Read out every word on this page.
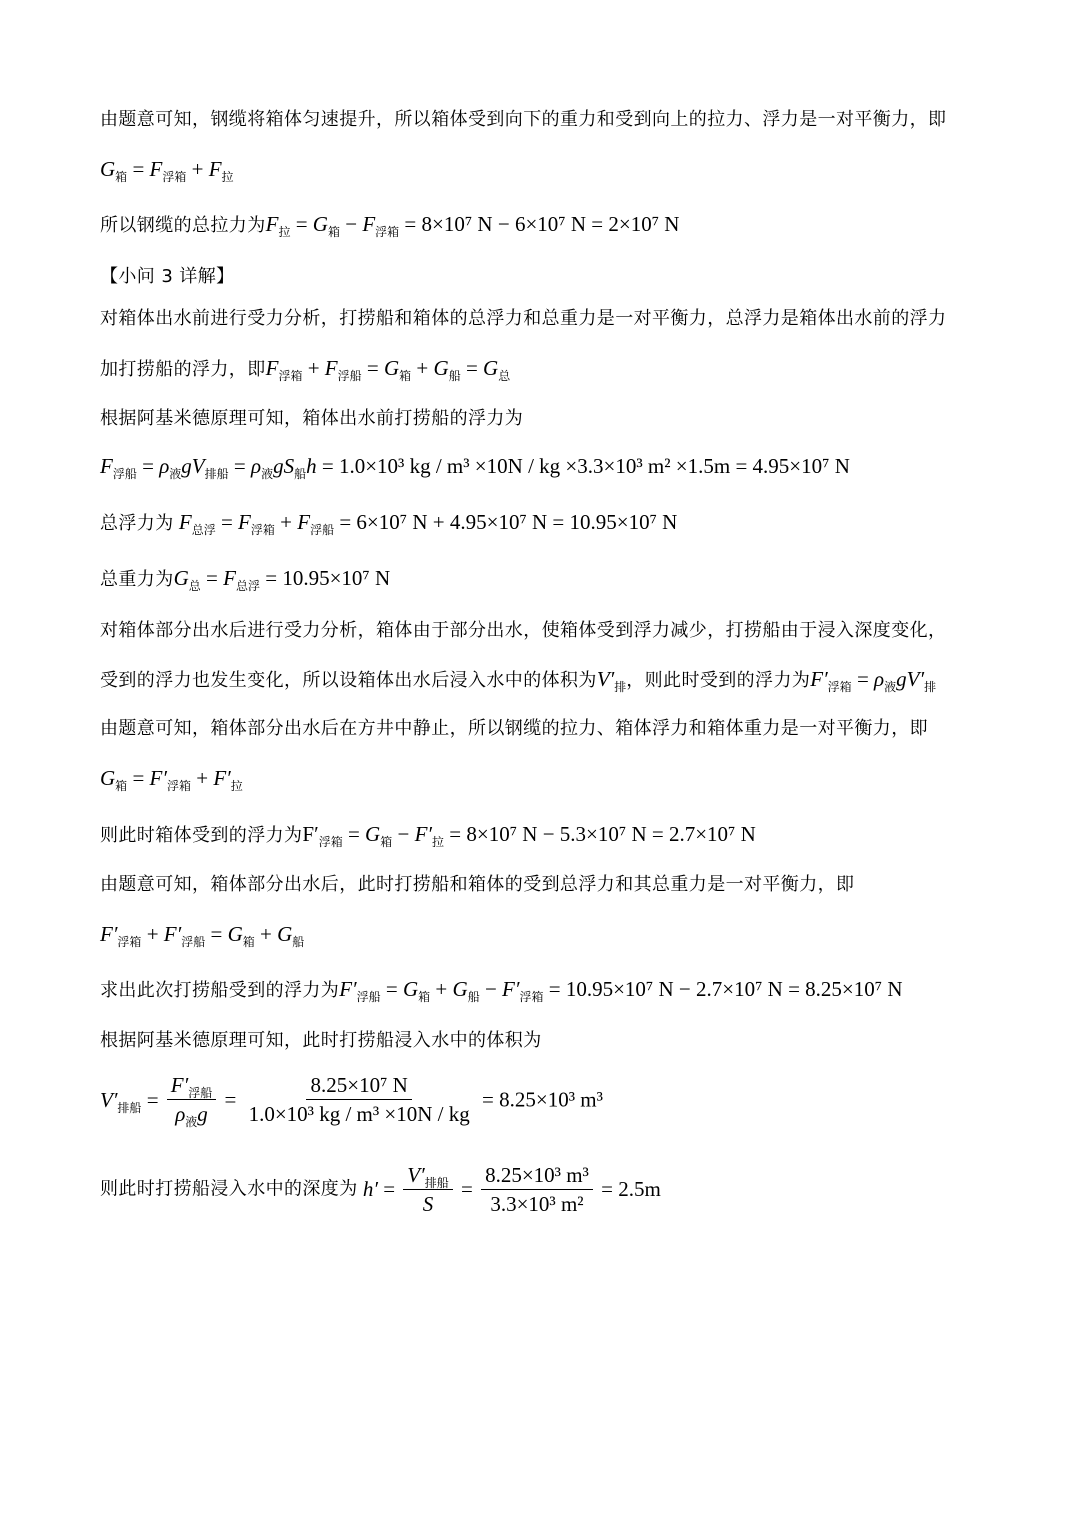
由题意可知，钢缆将箱体匀速提升，所以箱体受到向下的重力和受到向上的拉力、浮力是一对平衡力，即
$G_箱 = F_{浮箱} + F_拉$
所以钢缆的总拉力为$F_拉 = G_箱 - F_{浮箱} = 8\times 10^7$ N − 6×10⁷ N = 2×10⁷ N
【小问 3 详解】
对箱体出水前进行受力分析，打捞船和箱体的总浮力和总重力是一对平衡力，总浮力是箱体出水前的浮力
加打捞船的浮力，即$F_{浮箱} + F_{浮船} = G_箱 + G_船 = G_总$
根据阿基米德原理可知，箱体出水前打捞船的浮力为
$F_{浮船} = \rho_液gV_{排船} = \rho_液gS_船h = 1.0\times 10^3$ kg / m³ ×10N / kg ×3.3×10³ m² ×1.5m = 4.95×10⁷ N
总浮力为 $F_{总浮} = F_{浮箱} + F_{浮船} = 6\times 10^7$ N + 4.95×10⁷ N = 10.95×10⁷ N
总重力为$G_总 = F_{总浮} = 10.95\times 10^7$ N
对箱体部分出水后进行受力分析，箱体由于部分出水，使箱体受到浮力减少，打捞船由于浸入深度变化，
受到的浮力也发生变化，所以设箱体出水后浸入水中的体积为$V'_排$，则此时受到的浮力为$F'_{浮箱} = \rho_液gV'_排$
由题意可知，箱体部分出水后在方井中静止，所以钢缆的拉力、箱体浮力和箱体重力是一对平衡力，即
$G_箱 = F'_{浮箱} + F'_拉$
则此时箱体受到的浮力为$F'_{浮箱} = G_箱 - F'_拉 = 8\times 10^7$ N − 5.3×10⁷ N = 2.7×10⁷ N
由题意可知，箱体部分出水后，此时打捞船和箱体的受到总浮力和其总重力是一对平衡力，即
$F'_{浮箱} + F'_{浮船} = G_箱 + G_船$
求出此次打捞船受到的浮力为$F'_{浮船} = G_箱 + G_船 - F'_{浮箱} = 10.95\times 10^7$ N − 2.7×10⁷ N = 8.25×10⁷ N
根据阿基米德原理可知，此时打捞船浸入水中的体积为
$V'_{排船} = \frac{F'_{浮船}}{\rho_液g} = \frac{\text{8.25×10⁷ N}}{\text{1.0×10³ kg / m³ ×10N / kg}} = 8.25\times 10^3$ m³
则此时打捞船浸入水中的深度为 $h' = \frac{V'_{排船}}{S} = \frac{\text{8.25×10³ m³}}{\text{3.3×10³ m²}} = 2.5m$
